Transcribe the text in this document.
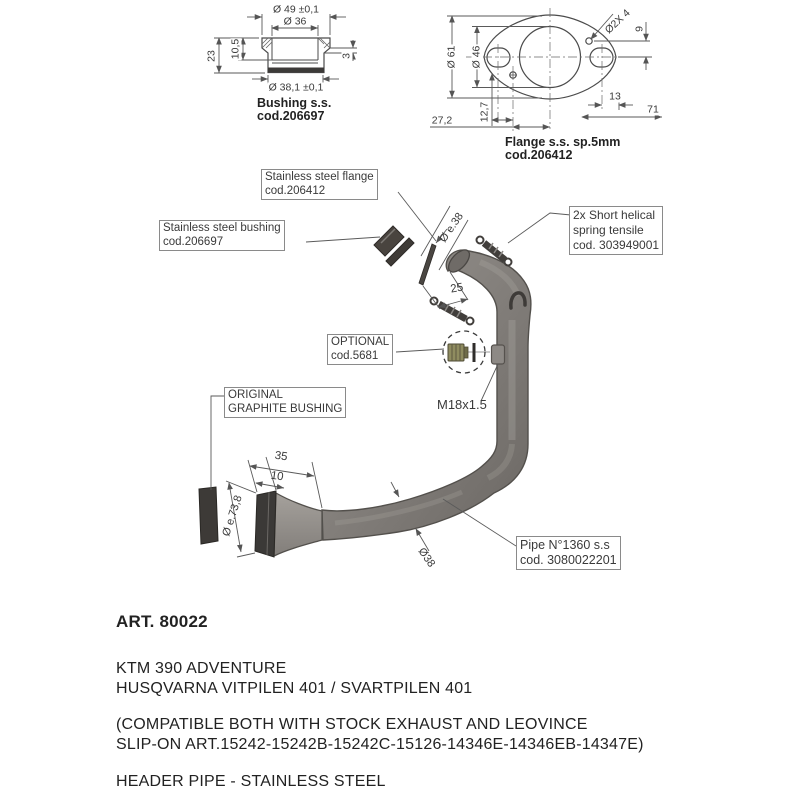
Ø 49 ±0,1
Ø 36
23 10,5	3
Ø 38,1 ±0,1
Bushing s.s.
cod.206697
Ø 61 Ø 46
Ø2X 4 9
13
71
12,7
27,2
Flange s.s. sp.5mm
cod.206412
Stainless steel flange
cod.206412
Stainless steel bushing
cod.206697
2x Short helical
spring tensile
cod. 303949001
OPTIONAL
cod.5681
ORIGINAL
GRAPHITE BUSHING
Pipe N°1360 s.s
cod. 3080022201
M18x1.5
Ø e.38
25
35
10
Ø e.73,8
Ø38
ART. 80022
KTM 390 ADVENTURE
HUSQVARNA VITPILEN 401 / SVARTPILEN 401
(COMPATIBLE BOTH WITH STOCK EXHAUST AND LEOVINCE
SLIP-ON ART.15242-15242B-15242C-15126-14346E-14346EB-14347E)
HEADER PIPE - STAINLESS STEEL
